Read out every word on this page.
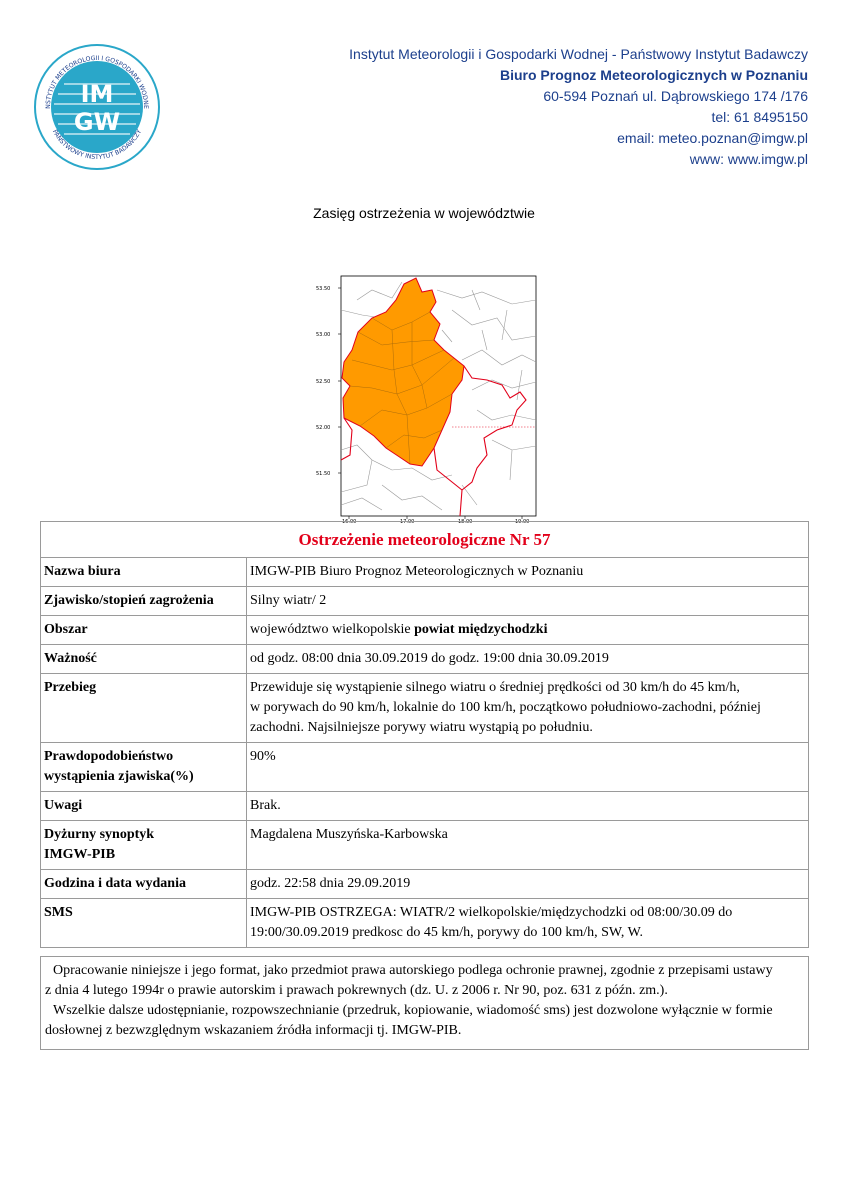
IM
GW
NSTYTUT METEOROLOGII I GOSPODARKI WODNE
PAŃSTWOWY INSTYTUT BADAWCZY
Instytut Meteorologii i Gospodarki Wodnej - Państwowy Instytut Badawczy
Biuro Prognoz Meteorologicznych w Poznaniu
60-594 Poznań ul. Dąbrowskiego 174 /176
tel: 61 8495150
email: meteo.poznan@imgw.pl
www: www.imgw.pl
Zasięg ostrzeżenia w województwie
53.50
53.00
52.50
52.00
51.50
16.00	17.00	18.00	19.00
Ostrzeżenie meteorologiczne Nr 57	
Nazwa biura	IMGW-PIB Biuro Prognoz Meteorologicznych w Poznaniu
Zjawisko/stopień zagrożenia	Silny wiatr/ 2
Obszar	województwo wielkopolskie powiat międzychodzki
Ważność	od godz. 08:00 dnia 30.09.2019 do godz. 19:00 dnia 30.09.2019
Przebieg	Przewiduje się wystąpienie silnego wiatru o średniej prędkości od 30 km/h do 45 km/h,
w porywach do 90 km/h, lokalnie do 100 km/h, początkowo południowo-zachodni, później
zachodni. Najsilniejsze porywy wiatru wystąpią po południu.

Prawdopodobieństwo
wystąpienia zjawiska(%)	90%
Uwagi	Brak.

Dyżurny synoptyk
IMGW-PIB	Magdalena Muszyńska-Karbowska
Godzina i data wydania	godz. 22:58 dnia 29.09.2019
SMS	IMGW-PIB OSTRZEGA: WIATR/2 wielkopolskie/międzychodzki od 08:00/30.09 do
19:00/30.09.2019 predkosc do 45 km/h, porywy do 100 km/h, SW, W.

Opracowanie niniejsze i jego format, jako przedmiot prawa autorskiego podlega ochronie prawnej, zgodnie z przepisami ustawy
z dnia 4 lutego 1994r o prawie autorskim i prawach pokrewnych (dz. U. z 2006 r. Nr 90, poz. 631 z późn. zm.).

Wszelkie dalsze udostępnianie, rozpowszechnianie (przedruk, kopiowanie, wiadomość sms) jest dozwolone wyłącznie w formie
dosłownej z bezwzględnym wskazaniem źródła informacji tj. IMGW-PIB.
